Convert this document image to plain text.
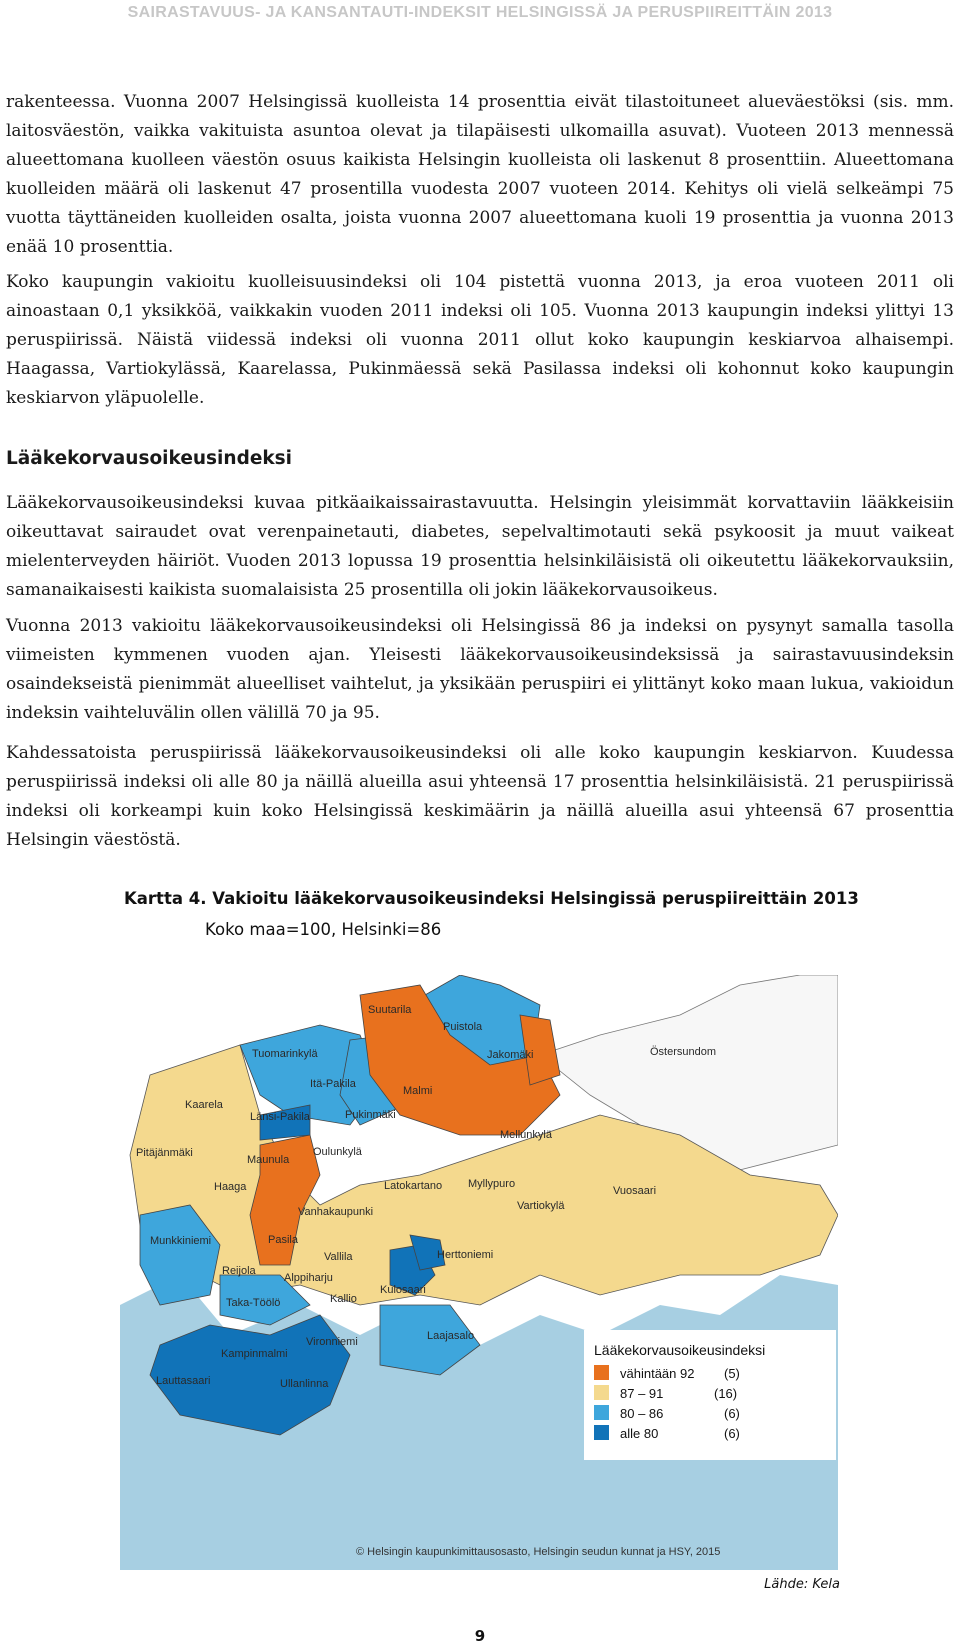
SAIRASTAVUUS- JA KANSANTAUTI-INDEKSIT HELSINGISSÄ JA PERUSPIIREITTÄIN 2013

rakenteessa. Vuonna 2007 Helsingissä kuolleista 14 prosenttia eivät tilastoituneet alueväestöksi (sis. mm. laitosväestön, vaikka vakituista asuntoa olevat ja tilapäisesti ulkomailla asuvat). Vuoteen 2013 mennessä alueettomana kuolleen väestön osuus kaikista Helsingin kuolleista oli laskenut 8 prosenttiin. Alueettomana kuolleiden määrä oli laskenut 47 prosentilla vuodesta 2007 vuoteen 2014. Kehitys oli vielä selkeämpi 75 vuotta täyttäneiden kuolleiden osalta, joista vuonna 2007 alueettomana kuoli 19 prosenttia ja vuonna 2013 enää 10 prosenttia.

Koko kaupungin vakioitu kuolleisuusindeksi oli 104 pistettä vuonna 2013, ja eroa vuoteen 2011 oli ainoastaan 0,1 yksikköä, vaikkakin vuoden 2011 indeksi oli 105. Vuonna 2013 kaupungin indeksi ylittyi 13 peruspiirissä. Näistä viidessä indeksi oli vuonna 2011 ollut koko kaupungin keskiarvoa alhaisempi. Haagassa, Vartiokylässä, Kaarelassa, Pukinmäessä sekä Pasilassa indeksi oli kohonnut koko kaupungin keskiarvon yläpuolelle.

Lääkekorvausoikeusindeksi

Lääkekorvausoikeusindeksi kuvaa pitkäaikaissairastavuutta. Helsingin yleisimmät korvattaviin lääkkeisiin oikeuttavat sairaudet ovat verenpainetauti, diabetes, sepelvaltimotauti sekä psykoosit ja muut vaikeat mielenterveyden häiriöt. Vuoden 2013 lopussa 19 prosenttia helsinkiläisistä oli oikeutettu lääkekorvauksiin, samanaikaisesti kaikista suomalaisista 25 prosentilla oli jokin lääkekorvausoikeus.

Vuonna 2013 vakioitu lääkekorvausoikeusindeksi oli Helsingissä 86 ja indeksi on pysynyt samalla tasolla viimeisten kymmenen vuoden ajan. Yleisesti lääkekorvausoikeusindeksissä ja sairastavuusindeksin osaindekseistä pienimmät alueelliset vaihtelut, ja yksikään peruspiiri ei ylittänyt koko maan lukua, vakioidun indeksin vaihteluvälin ollen välillä 70 ja 95.

Kahdessatoista peruspiirissä lääkekorvausoikeusindeksi oli alle koko kaupungin keskiarvon. Kuudessa peruspiirissä indeksi oli alle 80 ja näillä alueilla asui yhteensä 17 prosenttia helsinkiläisistä. 21 peruspiirissä indeksi oli korkeampi kuin koko Helsingissä keskimäärin ja näillä alueilla asui yhteensä 67 prosenttia Helsingin väestöstä.

Kartta 4. Vakioitu lääkekorvausoikeusindeksi Helsingissä peruspiireittäin 2013
Koko maa=100, Helsinki=86
Suutarila
Puistola
Jakomäki
Tuomarinkylä	Östersundom
Itä-Pakila
Malmi
Kaarela
Länsi-Pakila	Pukinmäki
Mellunkylä
Pitäjänmäki
Maunula
Oulunkylä
Haaga	Latokartano Myllypuro
Vuosaari
Vanhakaupunki	Vartiokylä
Munkkiniemi	Pasila
Vallila	Herttoniemi
Reijola
Alppiharju
Kulosaari
Taka-Töölö	Kallio
Vironniemi	Laajasalo
Kampinmalmi
Lauttasaari	Ullanlinna
Lääkekorvausoikeusindeksi
vähintään 92 (5)
87 – 91	(16)
80 – 86	(6)
alle 80	(6)
© Helsingin kaupunkimittausosasto, Helsingin seudun kunnat ja HSY, 2015
Lähde: Kela
9
